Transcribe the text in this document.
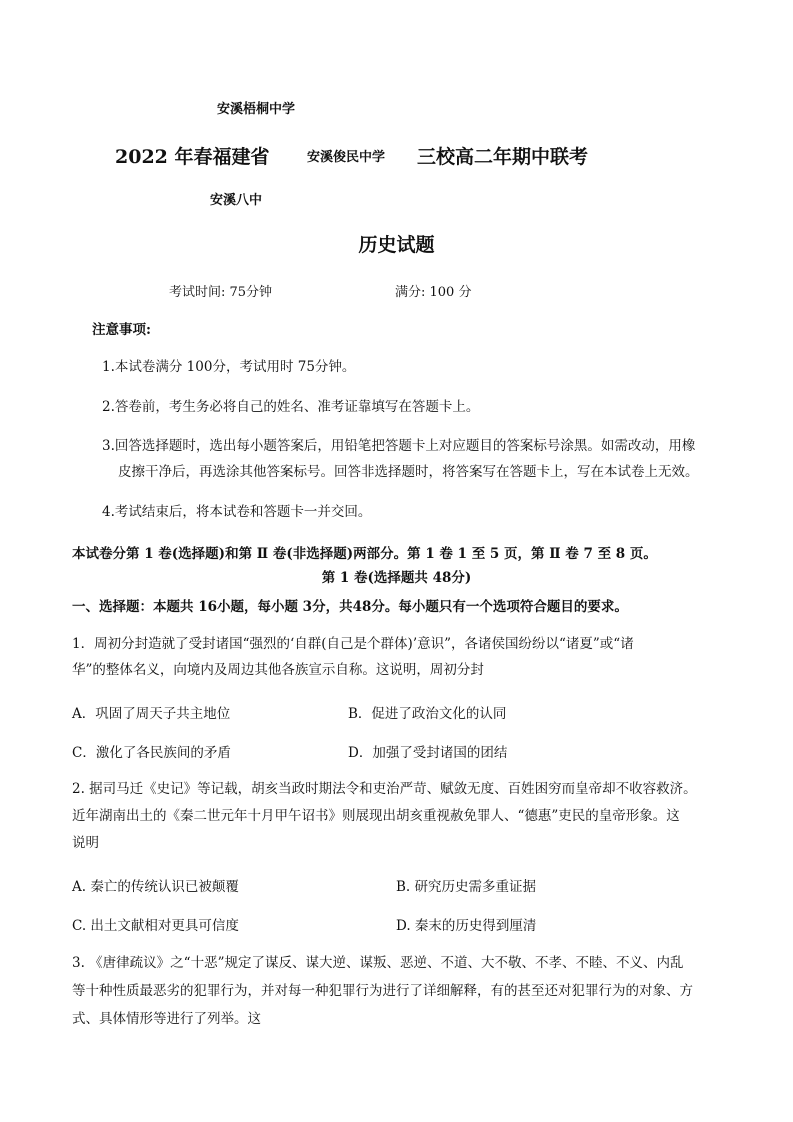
安溪梧桐中学
2022 年春福建省	安溪俊民中学 三校高二年期中联考
安溪八中
历史试题
考试时间: 75分钟	满分: 100 分
注意事项:
1.本试卷满分 100分，考试用时 75分钟。
2.答卷前，考生务必将自己的姓名、准考证靠填写在答题卡上。
3.回答选择题时，选出每小题答案后，用铅笔把答题卡上对应题目的答案标号涂黑。如需改动，用橡
皮擦干净后，再选涂其他答案标号。回答非选择题时，将答案写在答题卡上，写在本试卷上无效。
4.考试结束后，将本试卷和答题卡一并交回。
本试卷分第 1 卷(选择题)和第 Ⅱ 卷(非选择题)两部分。第 1 卷 1 至 5 页，第 Ⅱ 卷 7 至 8 页。
第 1 卷(选择题共 48分)
一、选择题：本题共 16小题，每小题 3分，共48分。每小题只有一个选项符合题目的要求。
1．周初分封造就了受封诸国“强烈的‘自群(自己是个群体)’意识”，各诸侯国纷纷以“诸夏”或“诸
华”的整体名义，向境内及周边其他各族宣示自称。这说明，周初分封
A．巩固了周天子共主地位	B．促进了政治文化的认同
C．激化了各民族间的矛盾	D．加强了受封诸国的团结
2. 据司马迁《史记》等记载，胡亥当政时期法令和吏治严苛、赋敛无度、百姓困穷而皇帝却不收容救济。
近年湖南出土的《秦二世元年十月甲午诏书》则展现出胡亥重视赦免罪人、“德惠”吏民的皇帝形象。这
说明
A. 秦亡的传统认识已被颠覆	B. 研究历史需多重证据
C. 出土文献相对更具可信度	D. 秦末的历史得到厘清
3. 《唐律疏议》之“十恶”规定了谋反、谋大逆、谋叛、恶逆、不道、大不敬、不孝、不睦、不义、内乱
等十种性质最恶劣的犯罪行为，并对每一种犯罪行为进行了详细解释，有的甚至还对犯罪行为的对象、方
式、具体情形等进行了列举。这
